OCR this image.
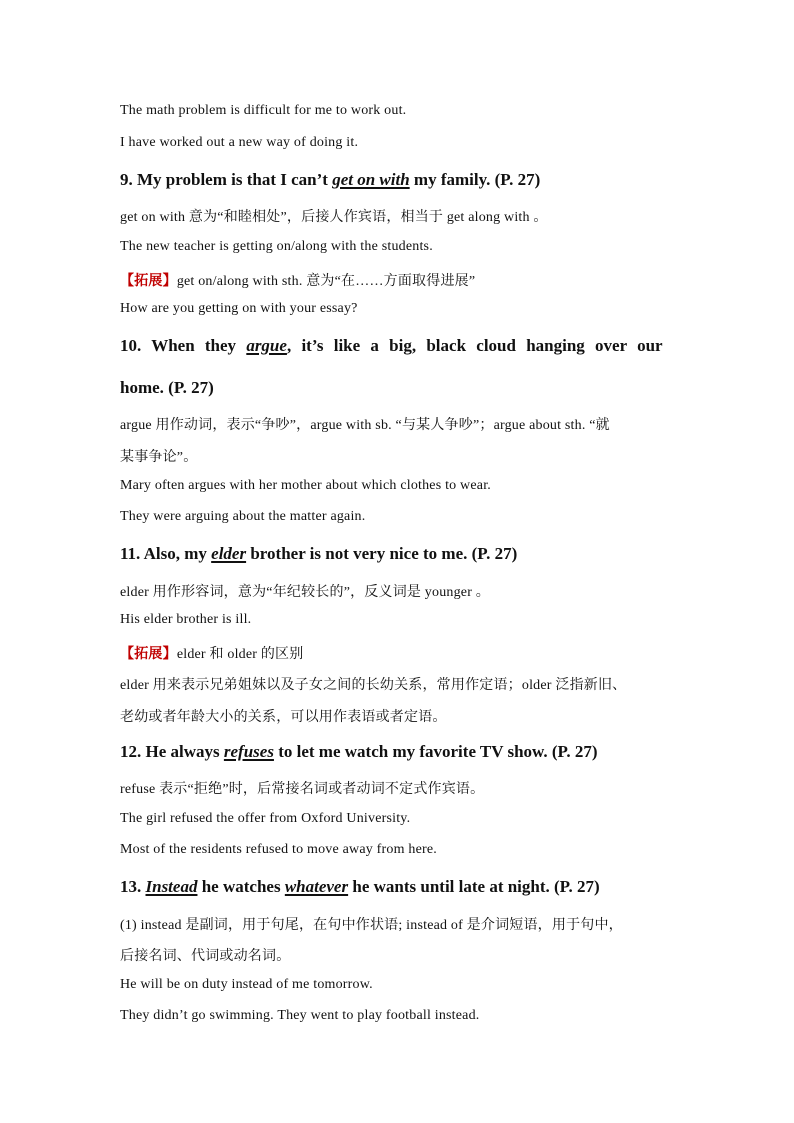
The math problem is difficult for me to work out.
I have worked out a new way of doing it.
9. My problem is that I can’t get on with my family. (P. 27)
get on with 意为“和睦相处”，后接人作宾语，相当于 get along with 。
The new teacher is getting on/along with the students.
【拓展】get on/along with sth. 意为“在……方面取得进展”
How are you getting on with your essay?
10. When they argue, it’s like a big, black cloud hanging over our
home. (P. 27)
argue 用作动词，表示“争吵”，argue with sb. “与某人争吵”；argue about sth. “就
某事争论”。
Mary often argues with her mother about which clothes to wear.
They were arguing about the matter again.
11. Also, my elder brother is not very nice to me. (P. 27)
elder 用作形容词，意为“年纪较长的”，反义词是 younger 。
His elder brother is ill.
【拓展】elder 和 older 的区别
elder 用来表示兄弟姐妹以及子女之间的长幼关系，常用作定语；older 泛指新旧、
老幼或者年龄大小的关系，可以用作表语或者定语。
12. He always refuses to let me watch my favorite TV show. (P. 27)
refuse 表示“拒绝”时，后常接名词或者动词不定式作宾语。
The girl refused the offer from Oxford University.
Most of the residents refused to move away from here.
13. Instead he watches whatever he wants until late at night. (P. 27)
(1) instead 是副词，用于句尾，在句中作状语; instead of 是介词短语，用于句中，
后接名词、代词或动名词。
He will be on duty instead of me tomorrow.
They didn’t go swimming. They went to play football instead.
